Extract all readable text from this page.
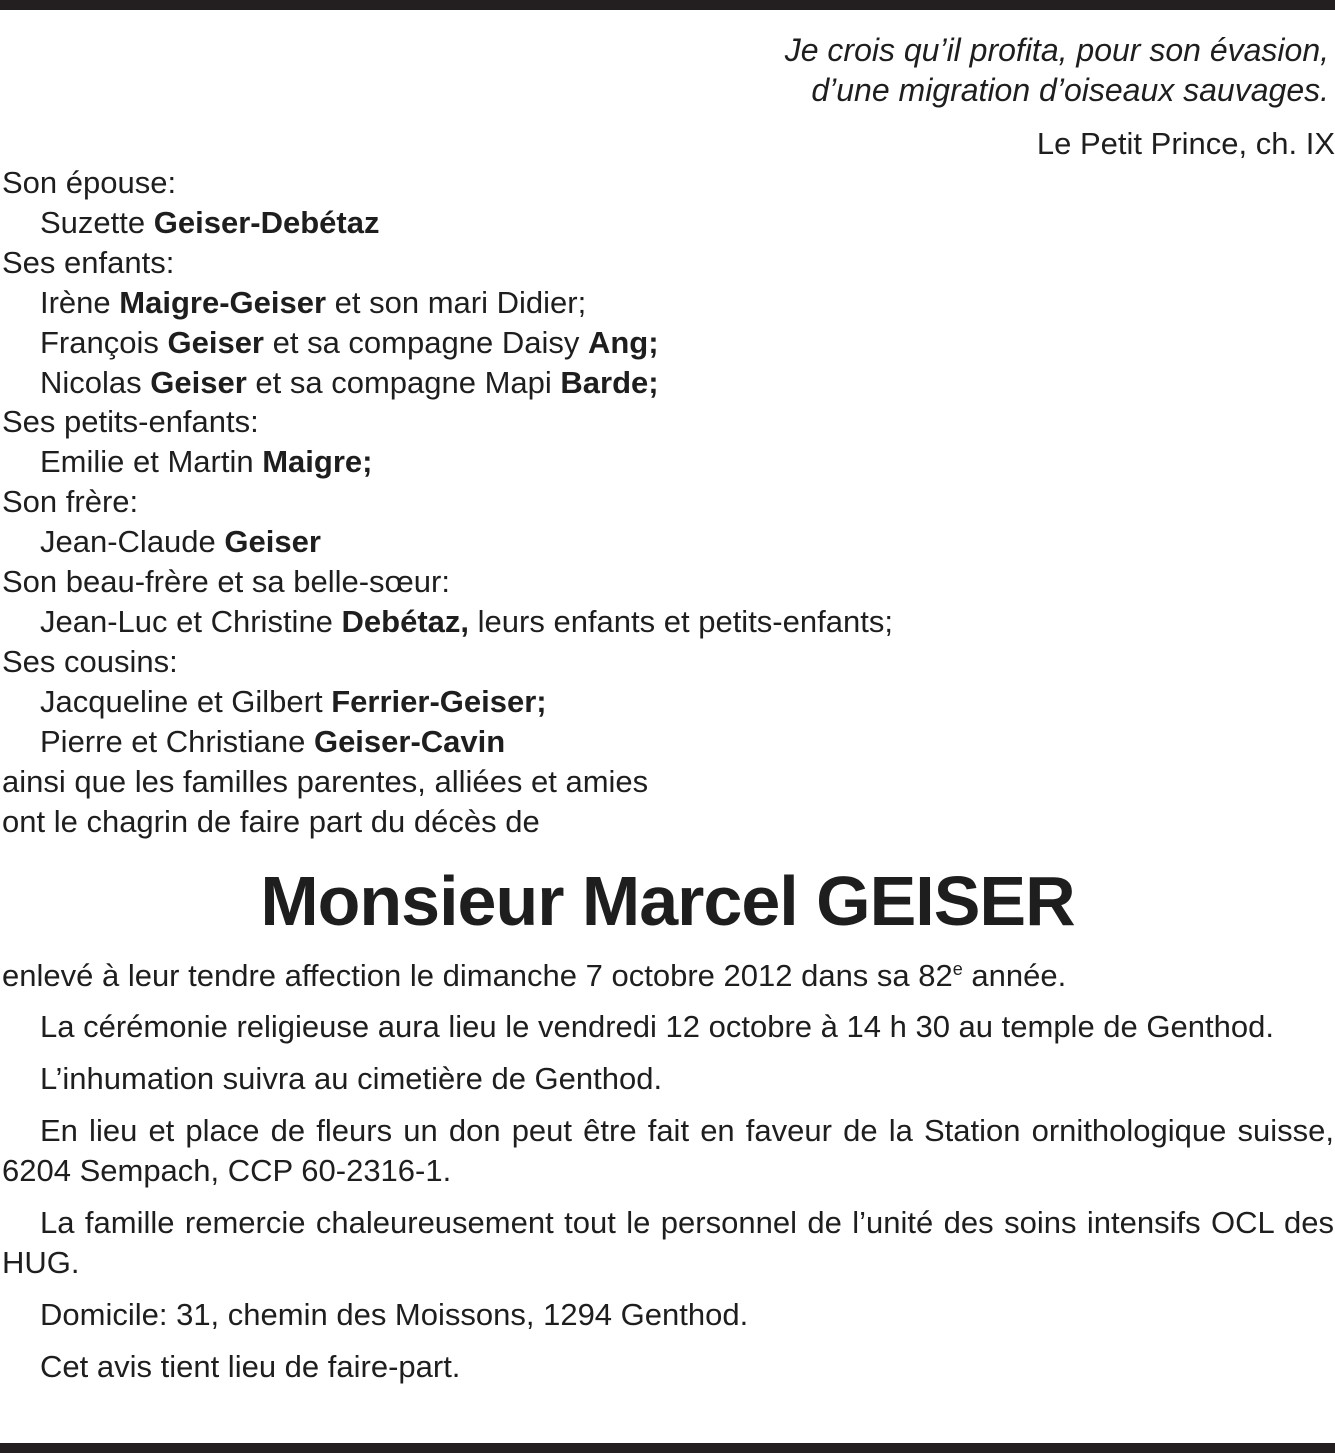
Je crois qu’il profita, pour son évasion,
d’une migration d’oiseaux sauvages.
Le Petit Prince, ch. IX
Son épouse:
Suzette Geiser-Debétaz
Ses enfants:
Irène Maigre-Geiser et son mari Didier;
François Geiser et sa compagne Daisy Ang;
Nicolas Geiser et sa compagne Mapi Barde;
Ses petits-enfants:
Emilie et Martin Maigre;
Son frère:
Jean-Claude Geiser
Son beau-frère et sa belle-sœur:
Jean-Luc et Christine Debétaz, leurs enfants et petits-enfants;
Ses cousins:
Jacqueline et Gilbert Ferrier-Geiser;
Pierre et Christiane Geiser-Cavin
ainsi que les familles parentes, alliées et amies
ont le chagrin de faire part du décès de
Monsieur Marcel GEISER

enlevé à leur tendre affection le dimanche 7 octobre 2012 dans sa 82e année.

La cérémonie religieuse aura lieu le vendredi 12 octobre à 14 h 30 au temple de Genthod.

L’inhumation suivra au cimetière de Genthod.

En lieu et place de fleurs un don peut être fait en faveur de la Station ornithologique suisse, 6204 Sempach, CCP 60-2316-1.

La famille remercie chaleureusement tout le personnel de l’unité des soins intensifs OCL des HUG.

Domicile: 31, chemin des Moissons, 1294 Genthod.

Cet avis tient lieu de faire-part.
